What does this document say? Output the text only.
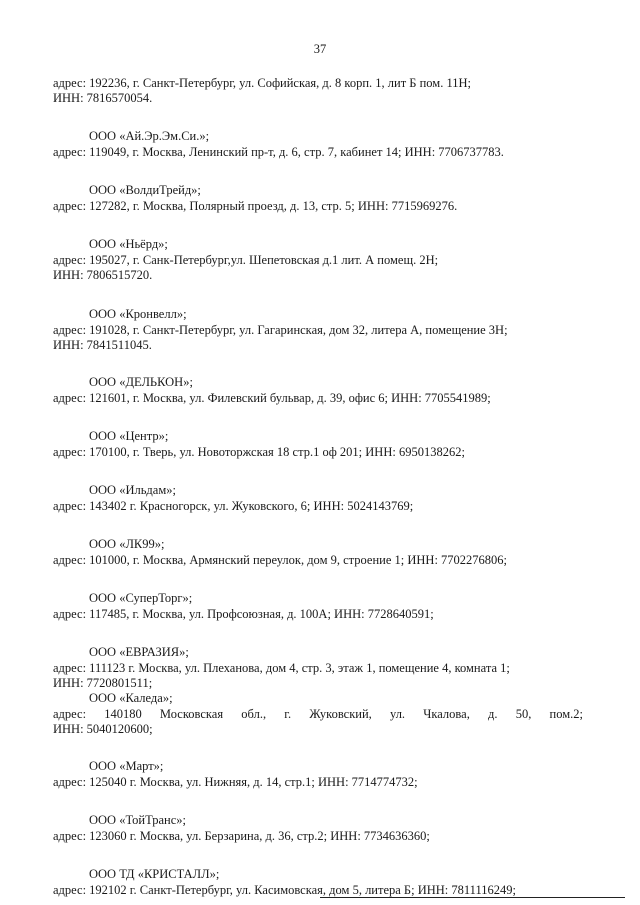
37
адрес: 192236, г. Санкт-Петербург, ул. Софийская, д. 8 корп. 1, лит Б пом. 11Н;
ИНН: 7816570054.
ООО «Ай.Эр.Эм.Си.»;
адрес: 119049, г. Москва, Ленинский пр-т, д. 6, стр. 7, кабинет 14; ИНН: 7706737783.
ООО «ВолдиТрейд»;
адрес: 127282, г. Москва, Полярный проезд, д. 13, стр. 5; ИНН: 7715969276.
ООО «Ньёрд»;
адрес: 195027, г. Санк-Петербург,ул. Шепетовская д.1 лит. А помещ. 2Н;
ИНН: 7806515720.
ООО «Кронвелл»;
адрес: 191028, г. Санкт-Петербург, ул. Гагаринская, дом 32, литера А, помещение 3Н;
ИНН: 7841511045.
ООО «ДЕЛЬКОН»;
адрес: 121601, г. Москва, ул. Филевский бульвар, д. 39, офис 6; ИНН: 7705541989;
ООО «Центр»;
адрес: 170100, г. Тверь, ул. Новоторжская 18 стр.1 оф 201; ИНН: 6950138262;
ООО «Ильдам»;
адрес: 143402 г. Красногорск, ул. Жуковского, 6; ИНН: 5024143769;
ООО «ЛК99»;
адрес: 101000, г. Москва, Армянский переулок, дом 9, строение 1; ИНН: 7702276806;
ООО «СуперТорг»;
адрес: 117485, г. Москва, ул. Профсоюзная, д. 100А; ИНН: 7728640591;
ООО «ЕВРАЗИЯ»;
адрес: 111123 г. Москва, ул. Плеханова, дом 4, стр. 3, этаж 1, помещение 4, комната 1;
ИНН: 7720801511;
ООО «Каледа»;
адрес: 140180 Московская обл., г. Жуковский, ул. Чкалова, д. 50, пом.2;
ИНН: 5040120600;
ООО «Март»;
адрес: 125040 г. Москва, ул. Нижняя, д. 14, стр.1; ИНН: 7714774732;
ООО «ТойТранс»;
адрес: 123060 г. Москва, ул. Берзарина, д. 36, стр.2; ИНН: 7734636360;
ООО ТД «КРИСТАЛЛ»;
адрес: 192102 г. Санкт-Петербург, ул. Касимовская, дом 5, литера Б; ИНН: 7811116249;
